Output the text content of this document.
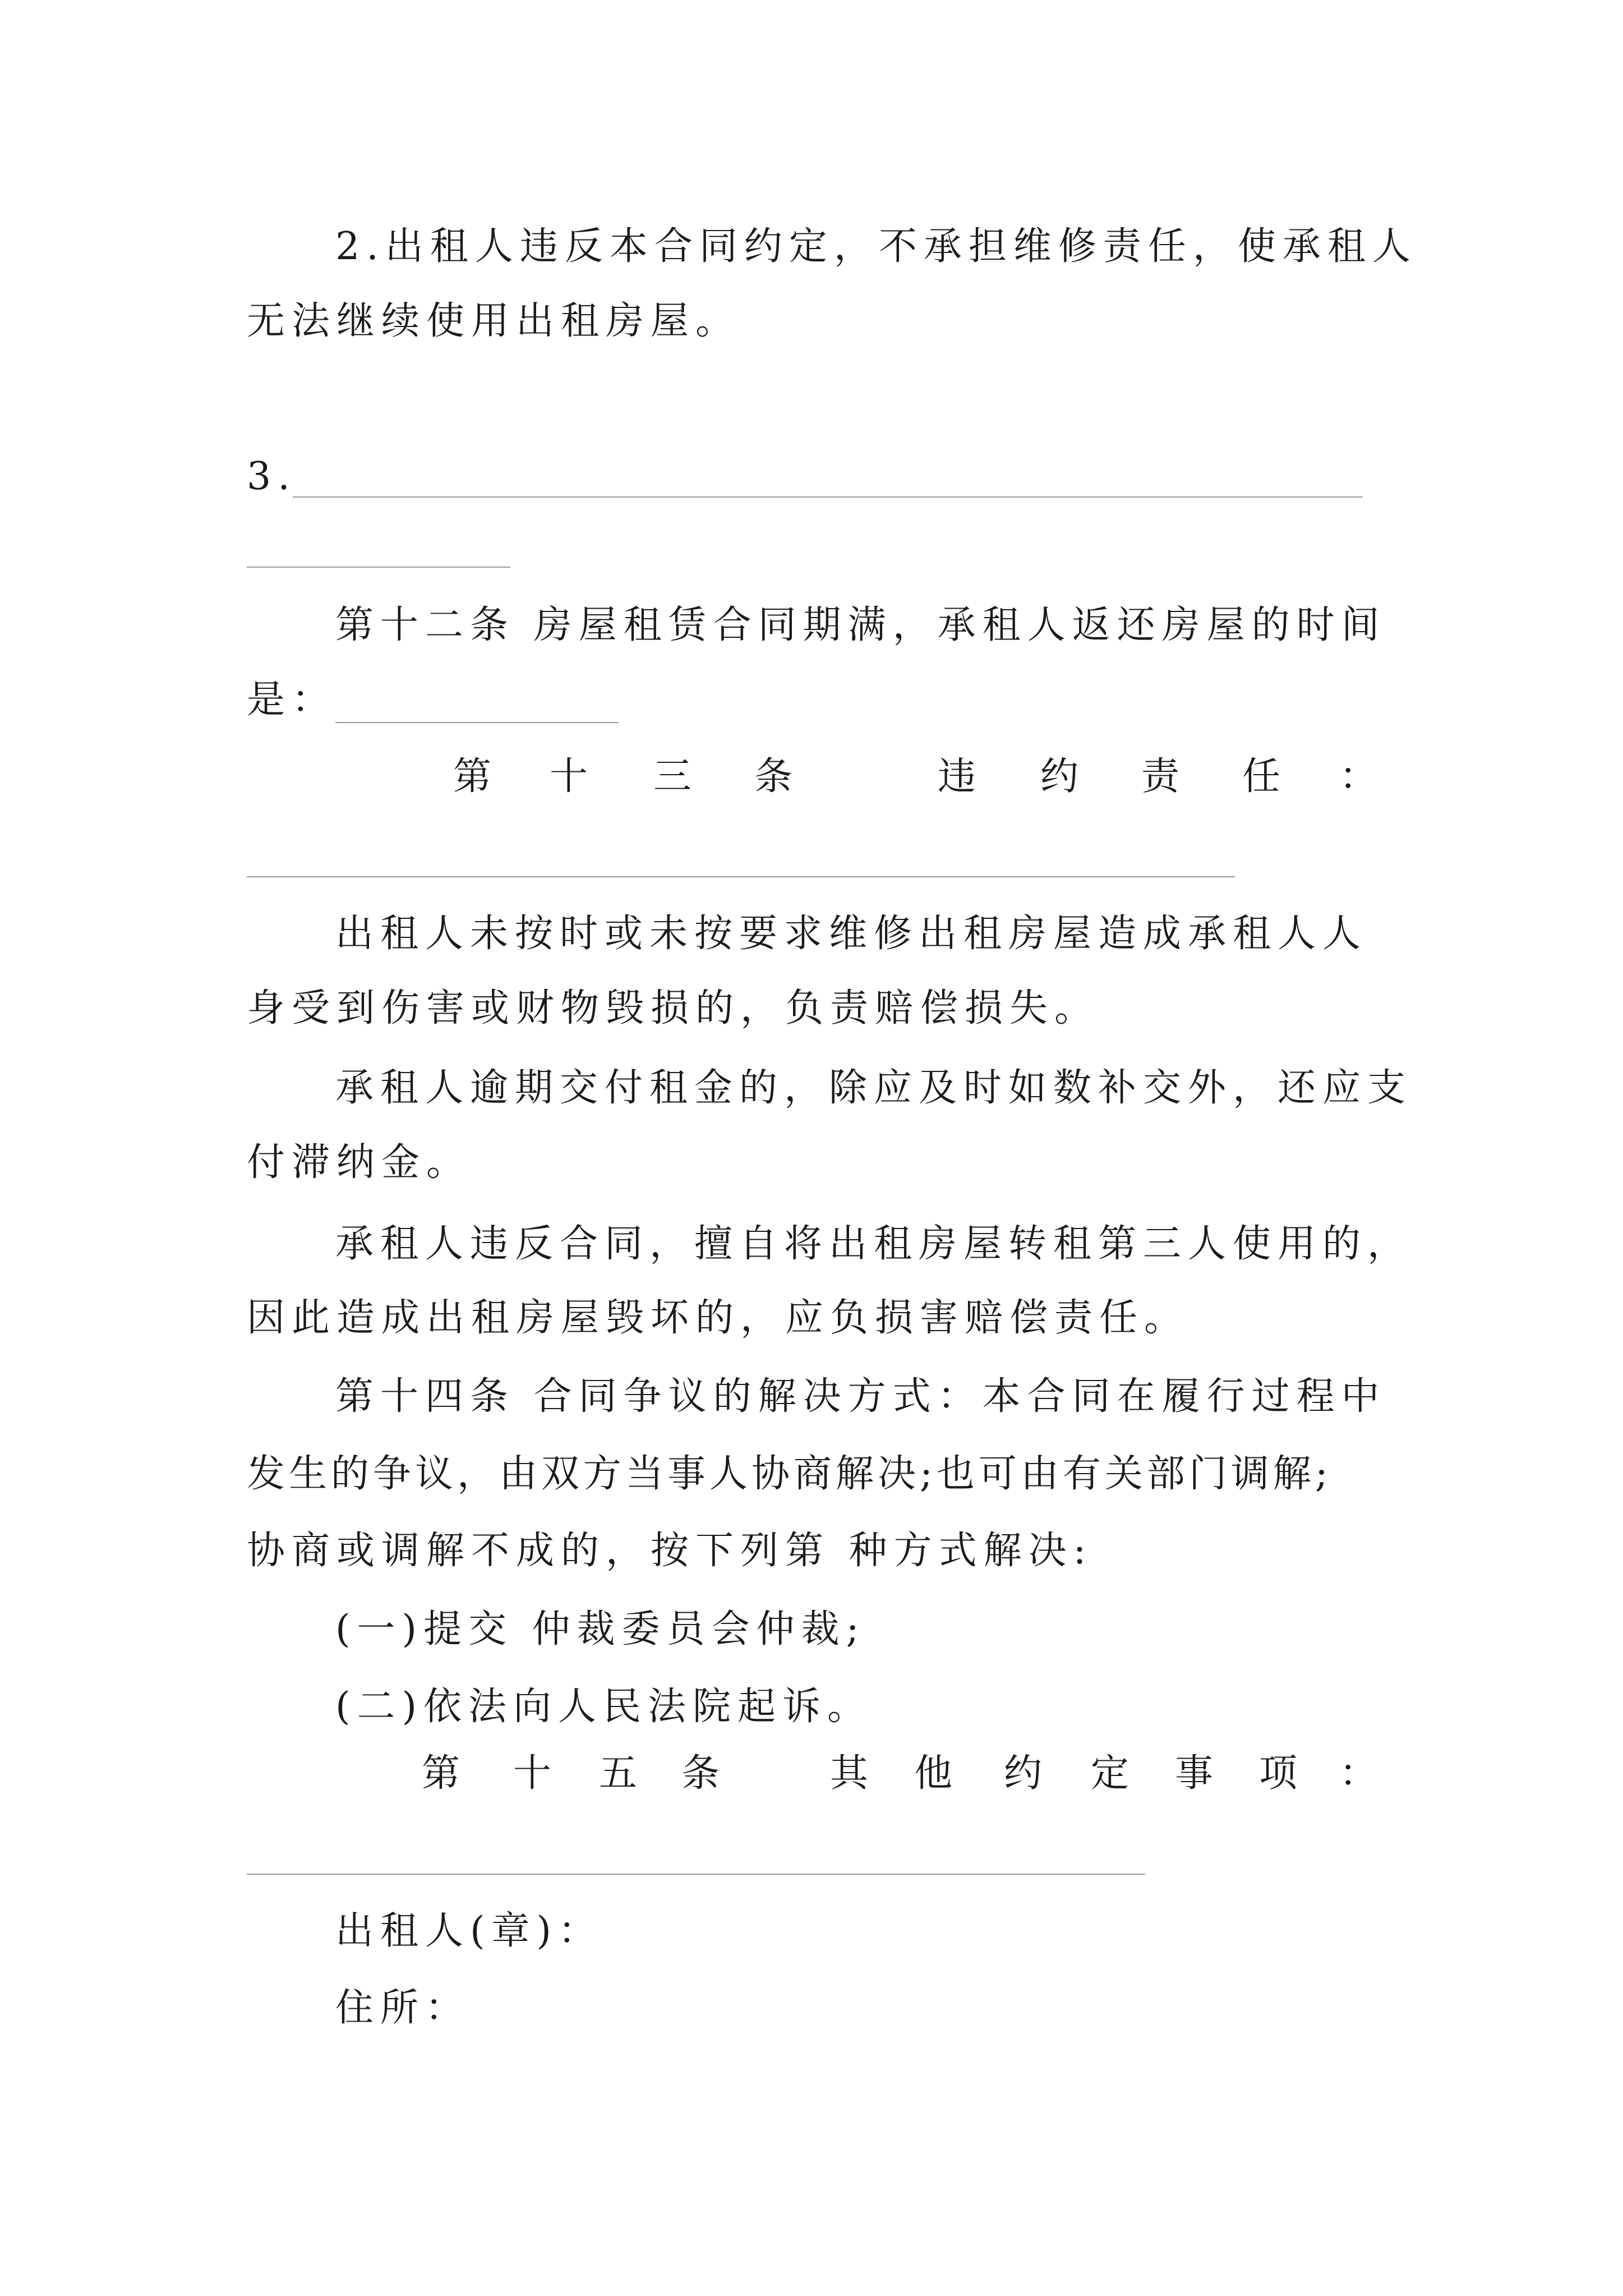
2.出租人违反本合同约定，不承担维修责任，使承租人
无法继续使用出租房屋。
3.
第十二条 房屋租赁合同期满，承租人返还房屋的时间
是：
第 十 三 条	违 约 责 任 ：
出租人未按时或未按要求维修出租房屋造成承租人人
身受到伤害或财物毁损的，负责赔偿损失。
承租人逾期交付租金的，除应及时如数补交外，还应支
付滞纳金。
承租人违反合同，擅自将出租房屋转租第三人使用的，
因此造成出租房屋毁坏的，应负损害赔偿责任。
第十四条 合同争议的解决方式：本合同在履行过程中
发生的争议，由双方当事人协商解决;也可由有关部门调解;
协商或调解不成的，按下列第 种方式解决:
(一)提交 仲裁委员会仲裁;
(二)依法向人民法院起诉。
第 十 五 条	其 他 约 定 事 项 ：
出租人(章)：
住所：
